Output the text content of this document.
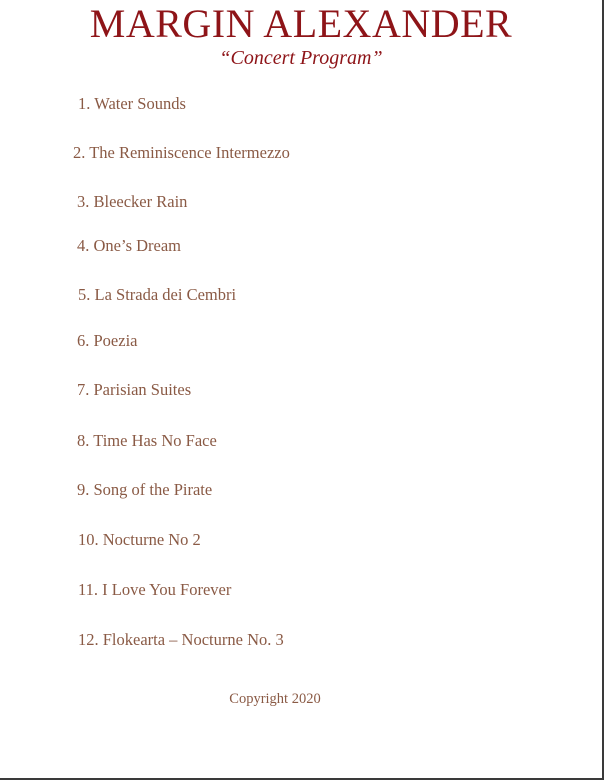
MARGIN ALEXANDER

“Concert Program”

1. Water Sounds
2. The Reminiscence Intermezzo
3. Bleecker Rain
4. One’s Dream
5. La Strada dei Cembri
6. Poezia
7. Parisian Suites
8. Time Has No Face
9. Song of the Pirate
10. Nocturne No 2
11. I Love You Forever
12. Flokearta – Nocturne No. 3

Copyright 2020
